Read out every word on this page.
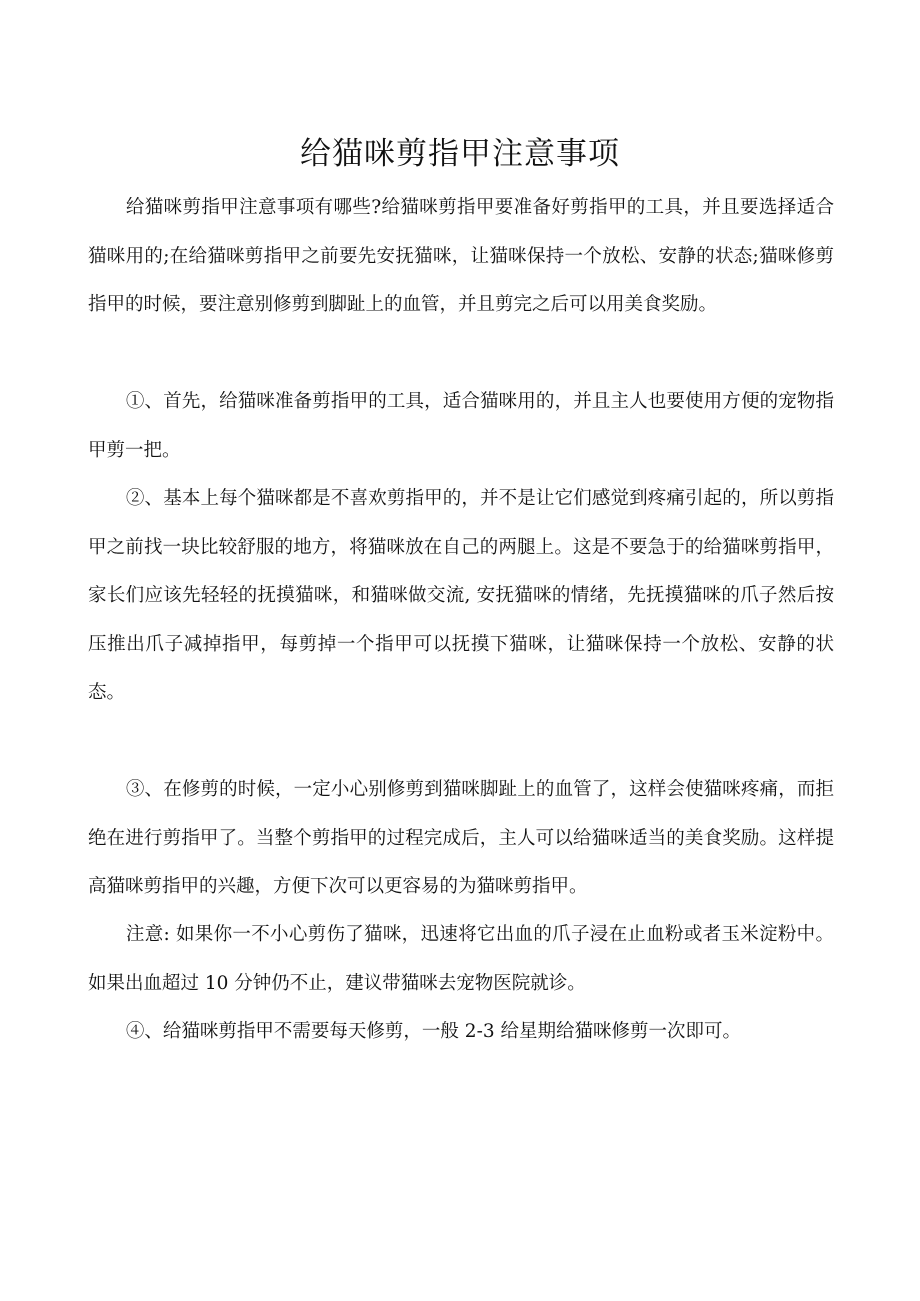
给猫咪剪指甲注意事项

给猫咪剪指甲注意事项有哪些?给猫咪剪指甲要准备好剪指甲的工具，并且要选择适合猫咪用的;在给猫咪剪指甲之前要先安抚猫咪，让猫咪保持一个放松、安静的状态;猫咪修剪指甲的时候，要注意别修剪到脚趾上的血管，并且剪完之后可以用美食奖励。

①、首先，给猫咪准备剪指甲的工具，适合猫咪用的，并且主人也要使用方便的宠物指甲剪一把。

②、基本上每个猫咪都是不喜欢剪指甲的，并不是让它们感觉到疼痛引起的，所以剪指甲之前找一块比较舒服的地方，将猫咪放在自己的两腿上。这是不要急于的给猫咪剪指甲，家长们应该先轻轻的抚摸猫咪，和猫咪做交流, 安抚猫咪的情绪，先抚摸猫咪的爪子然后按压推出爪子减掉指甲，每剪掉一个指甲可以抚摸下猫咪，让猫咪保持一个放松、安静的状态。

③、在修剪的时候，一定小心别修剪到猫咪脚趾上的血管了，这样会使猫咪疼痛，而拒绝在进行剪指甲了。当整个剪指甲的过程完成后，主人可以给猫咪适当的美食奖励。这样提高猫咪剪指甲的兴趣，方便下次可以更容易的为猫咪剪指甲。

注意: 如果你一不小心剪伤了猫咪，迅速将它出血的爪子浸在止血粉或者玉米淀粉中。如果出血超过 10 分钟仍不止，建议带猫咪去宠物医院就诊。

④、给猫咪剪指甲不需要每天修剪，一般 2-3 给星期给猫咪修剪一次即可。
